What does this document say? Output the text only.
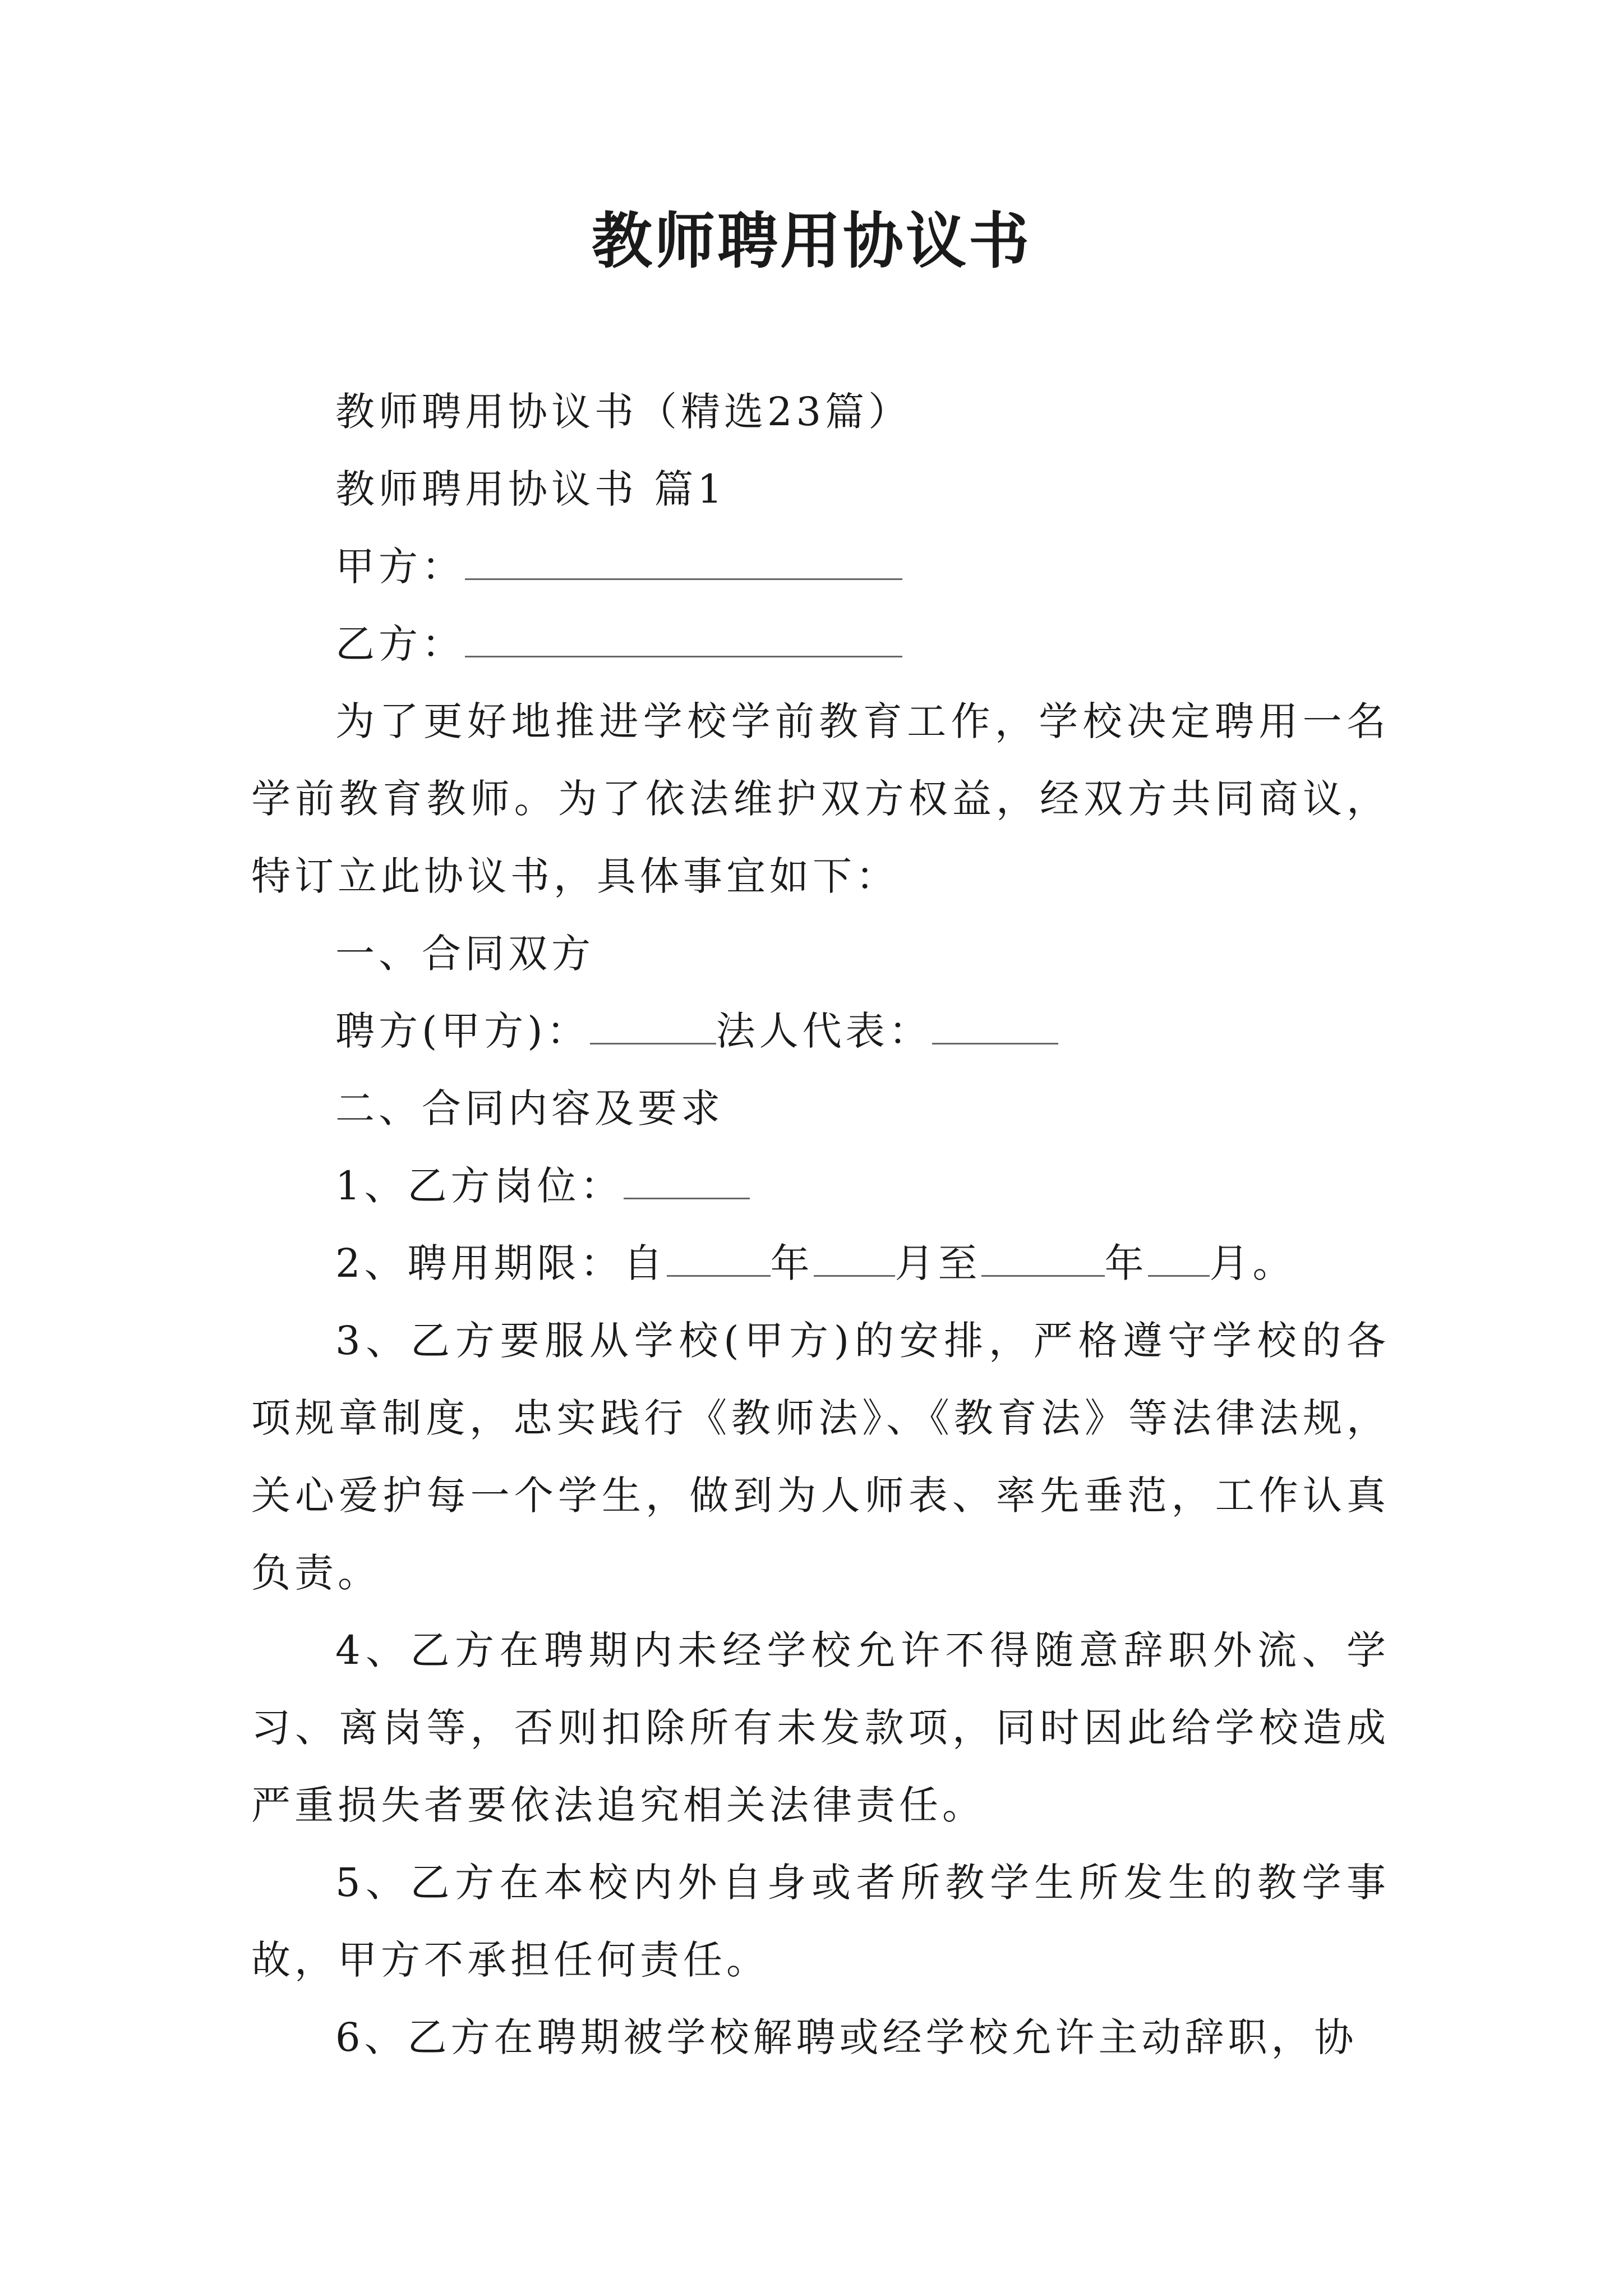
教师聘用协议书

教师聘用协议书（精选23篇）

教师聘用协议书 篇1

甲方：

乙方：

为了更好地推进学校学前教育工作，学校决定聘用一名学前教育教师。为了依法维护双方权益，经双方共同商议，特订立此协议书，具体事宜如下：

一、合同双方

聘方(甲方)：	法人代表：

二、合同内容及要求

1、乙方岗位：

2、聘用期限：自	年 月至	年 月。

3、乙方要服从学校(甲方)的安排，严格遵守学校的各项规章制度，忠实践行《教师法》、《教育法》等法律法规，关心爱护每一个学生，做到为人师表、率先垂范，工作认真负责。

4、乙方在聘期内未经学校允许不得随意辞职外流、学习、离岗等，否则扣除所有未发款项，同时因此给学校造成严重损失者要依法追究相关法律责任。

5、乙方在本校内外自身或者所教学生所发生的教学事故，甲方不承担任何责任。

6、乙方在聘期被学校解聘或经学校允许主动辞职，协
